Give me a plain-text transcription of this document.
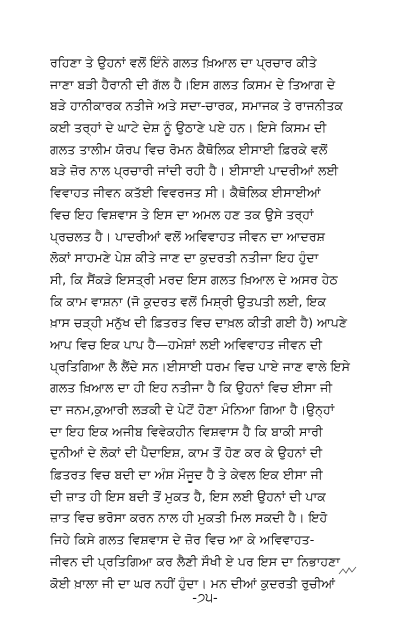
ਰਹਿਣਾ ਤੇ ਉਹਨਾਂ ਵਲੋਂ ਇੰਨੇ ਗਲਤ ਖ਼ਿਆਲ ਦਾ ਪ੍ਰਚਾਰ ਕੀਤੇ
ਜਾਣਾ ਬੜੀ ਹੈਰਾਨੀ ਦੀ ਗੱਲ ਹੈ।ਇਸ ਗਲਤ ਕਿਸਮ ਦੇ ਤਿਆਗ ਦੇ
ਬੜੇ ਹਾਨੀਕਾਰਕ ਨਤੀਜੇ ਅਤੇ ਸਦਾ-ਚਾਰਕ, ਸਮਾਜਕ ਤੇ ਰਾਜਨੀਤਕ
ਕਈ ਤਰ੍ਹਾਂ ਦੇ ਘਾਟੇ ਦੇਸ਼ ਨੂੰ ਉਠਾਣੇ ਪਏ ਹਨ। ਇਸੇ ਕਿਸਮ ਦੀ
ਗਲਤ ਤਾਲੀਮ ਯੋਰਪ ਵਿਚ ਰੋਮਨ ਕੈਥੋਲਿਕ ਈਸਾਈ ਫ਼ਿਰਕੇ ਵਲੋਂ
ਬੜੇ ਜ਼ੋਰ ਨਾਲ ਪ੍ਰਚਾਰੀ ਜਾਂਦੀ ਰਹੀ ਹੈ। ਈਸਾਈ ਪਾਦਰੀਆਂ ਲਈ
ਵਿਵਾਹਤ ਜੀਵਨ ਕਤੱਈ ਵਿਵਰਜਤ ਸੀ। ਕੈਥੋਲਿਕ ਈਸਾਈਆਂ
ਵਿਚ ਇਹ ਵਿਸ਼ਵਾਸ ਤੇ ਇਸ ਦਾ ਅਮਲ ਹਣ ਤਕ ਉਸੇ ਤਰ੍ਹਾਂ
ਪ੍ਰਚਲਤ ਹੈ। ਪਾਦਰੀਆਂ ਵਲੋਂ ਅਵਿਵਾਹਤ ਜੀਵਨ ਦਾ ਆਦਰਸ਼
ਲੋਕਾਂ ਸਾਹਮਣੇ ਪੇਸ਼ ਕੀਤੇ ਜਾਣ ਦਾ ਕੁਦਰਤੀ ਨਤੀਜਾ ਇਹ ਹੁੰਦਾ
ਸੀ, ਕਿ ਸੈਂਕੜੇ ਇਸਤ੍ਰੀ ਮਰਦ ਇਸ ਗਲਤ ਖ਼ਿਆਲ ਦੇ ਅਸਰ ਹੇਠ
ਕਿ ਕਾਮ ਵਾਸ਼ਨਾ (ਜੋ ਕੁਦਰਤ ਵਲੋਂ ਮਿਸ਼੍ਰੀ ਉਤਪਤੀ ਲਈ, ਇਕ
ਖ਼ਾਸ ਚੜ੍ਹੀ ਮਨੁੱਖ ਦੀ ਫ਼ਿਤਰਤ ਵਿਚ ਦਾਖ਼ਲ ਕੀਤੀ ਗਈ ਹੈ) ਆਪਣੇ
ਆਪ ਵਿਚ ਇਕ ਪਾਪ ਹੈ—ਹਮੇਸ਼ਾਂ ਲਈ ਅਵਿਵਾਹਤ ਜੀਵਨ ਦੀ
ਪ੍ਰਤਿਗਿਆ ਲੈ ਲੈਂਦੇ ਸਨ।ਈਸਾਈ ਧਰਮ ਵਿਚ ਪਾਏ ਜਾਣ ਵਾਲੇ ਇਸੇ
ਗਲਤ ਖ਼ਿਆਲ ਦਾ ਹੀ ਇਹ ਨਤੀਜਾ ਹੈ ਕਿ ਉਹਨਾਂ ਵਿਚ ਈਸਾ ਜੀ
ਦਾ ਜਨਮ,ਕੁਆਰੀ ਲੜਕੀ ਦੇ ਪੇਟੋਂ ਹੋਣਾ ਮੰਨਿਆ ਗਿਆ ਹੈ।ਉਨ੍ਹਾਂ
ਦਾ ਇਹ ਇਕ ਅਜੀਬ ਵਿਵੇਕਹੀਨ ਵਿਸ਼ਵਾਸ ਹੈ ਕਿ ਬਾਕੀ ਸਾਰੀ
ਦੁਨੀਆਂ ਦੇ ਲੋਕਾਂ ਦੀ ਪੈਦਾਇਸ਼, ਕਾਮ ਤੋਂ ਹੋਣ ਕਰ ਕੇ ਉਹਨਾਂ ਦੀ
ਫ਼ਿਤਰਤ ਵਿਚ ਬਦੀ ਦਾ ਅੰਸ਼ ਮੌਜੂਦ ਹੈ ਤੇ ਕੇਵਲ ਇਕ ਈਸਾ ਜੀ
ਦੀ ਜ਼ਾਤ ਹੀ ਇਸ ਬਦੀ ਤੋਂ ਮੁਕਤ ਹੈ, ਇਸ ਲਈ ਉਹਨਾਂ ਦੀ ਪਾਕ
ਜ਼ਾਤ ਵਿਚ ਭਰੋਸਾ ਕਰਨ ਨਾਲ ਹੀ ਮੁਕਤੀ ਮਿਲ ਸਕਦੀ ਹੈ। ਇਹੋ
ਜਿਹੇ ਕਿਸੇ ਗਲਤ ਵਿਸ਼ਵਾਸ ਦੇ ਜ਼ੋਰ ਵਿਚ ਆ ਕੇ ਅਵਿਵਾਹਤ-
ਜੀਵਨ ਦੀ ਪ੍ਰਤਿਗਿਆ ਕਰ ਲੈਣੀ ਸੌਖੀ ਏ ਪਰ ਇਸ ਦਾ ਨਿਭਾਹਣਾ
ਕੋਈ ਖ਼ਾਲਾ ਜੀ ਦਾ ਘਰ ਨਹੀਂ ਹੁੰਦਾ। ਮਨ ਦੀਆਂ ਕੁਦਰਤੀ ਰੁਚੀਆਂ
-੭੫-
